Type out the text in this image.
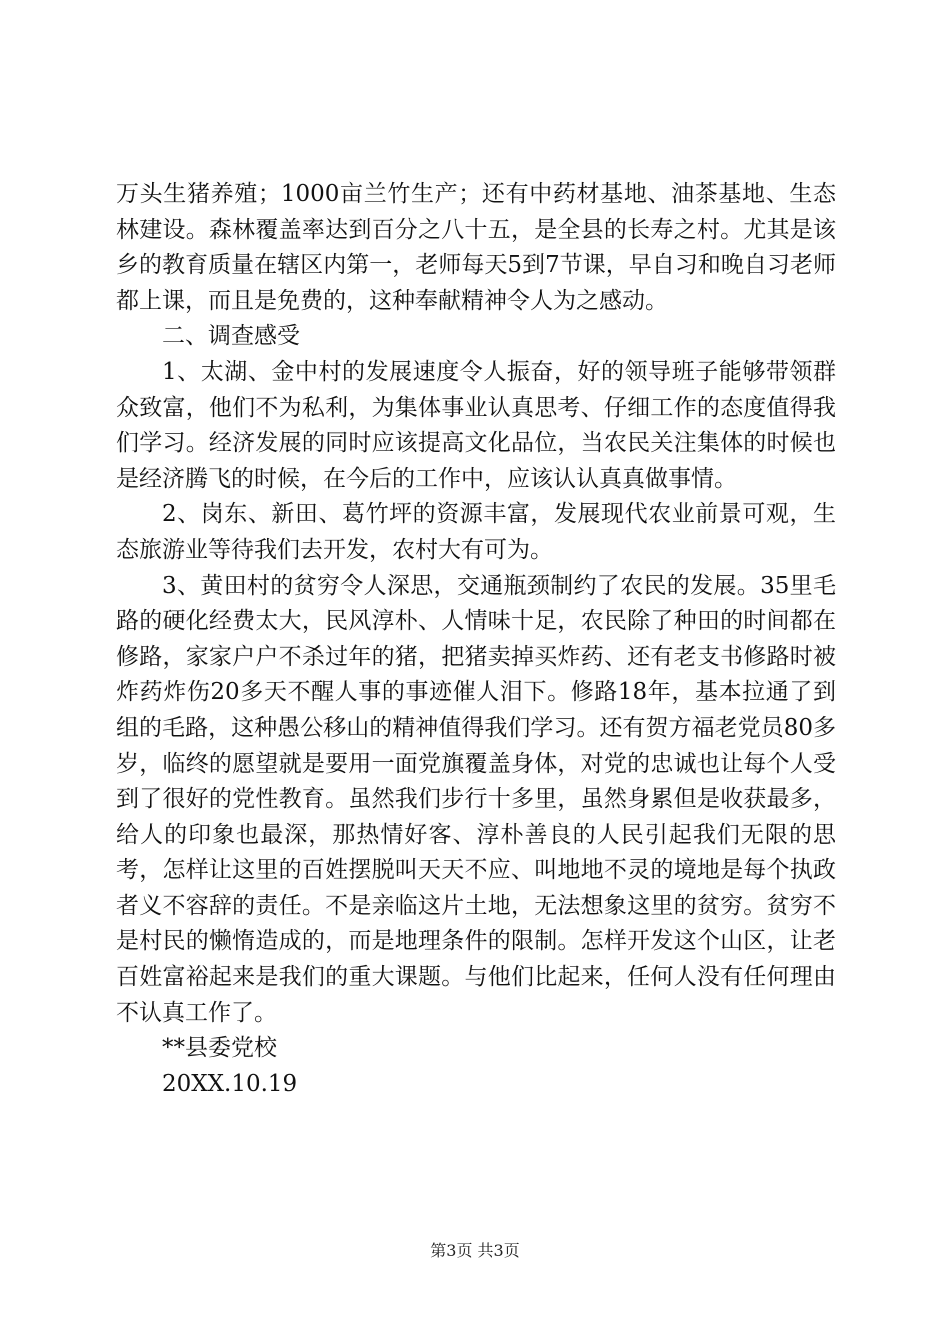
万头生猪养殖；1000亩兰竹生产；还有中药材基地、油茶基地、生态林建设。森林覆盖率达到百分之八十五，是全县的长寿之村。尤其是该乡的教育质量在辖区内第一，老师每天5到7节课，早自习和晚自习老师都上课，而且是免费的，这种奉献精神令人为之感动。

二、调查感受

1、太湖、金中村的发展速度令人振奋，好的领导班子能够带领群众致富，他们不为私利，为集体事业认真思考、仔细工作的态度值得我们学习。经济发展的同时应该提高文化品位，当农民关注集体的时候也是经济腾飞的时候，在今后的工作中，应该认认真真做事情。

2、岗东、新田、葛竹坪的资源丰富，发展现代农业前景可观，生态旅游业等待我们去开发，农村大有可为。

3、黄田村的贫穷令人深思，交通瓶颈制约了农民的发展。35里毛路的硬化经费太大，民风淳朴、人情味十足，农民除了种田的时间都在修路，家家户户不杀过年的猪，把猪卖掉买炸药、还有老支书修路时被炸药炸伤20多天不醒人事的事迹催人泪下。修路18年，基本拉通了到组的毛路，这种愚公移山的精神值得我们学习。还有贺方福老党员80多岁，临终的愿望就是要用一面党旗覆盖身体，对党的忠诚也让每个人受到了很好的党性教育。虽然我们步行十多里，虽然身累但是收获最多，给人的印象也最深，那热情好客、淳朴善良的人民引起我们无限的思考，怎样让这里的百姓摆脱叫天天不应、叫地地不灵的境地是每个执政者义不容辞的责任。不是亲临这片土地，无法想象这里的贫穷。贫穷不是村民的懒惰造成的，而是地理条件的限制。怎样开发这个山区，让老百姓富裕起来是我们的重大课题。与他们比起来，任何人没有任何理由不认真工作了。

**县委党校

20XX.10.19

第3页 共3页
